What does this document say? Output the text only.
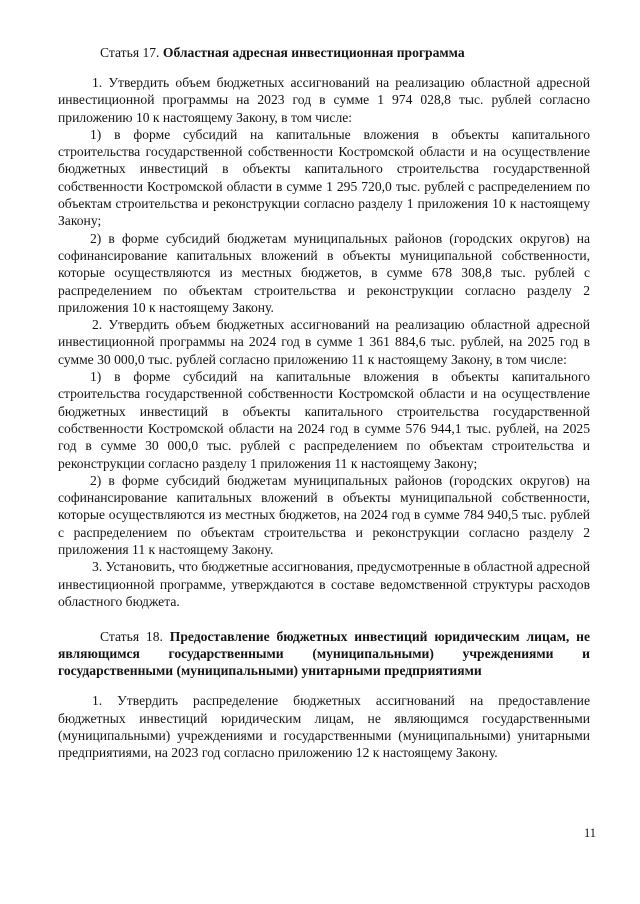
Статья 17. Областная адресная инвестиционная программа

1. Утвердить объем бюджетных ассигнований на реализацию областной адресной инвестиционной программы на 2023 год в сумме 1 974 028,8 тыс. рублей согласно приложению 10 к настоящему Закону, в том числе:

1) в форме субсидий на капитальные вложения в объекты капитального строительства государственной собственности Костромской области и на осуществление бюджетных инвестиций в объекты капитального строительства государственной собственности Костромской области в сумме 1 295 720,0 тыс. рублей с распределением по объектам строительства и реконструкции согласно разделу 1 приложения 10 к настоящему Закону;

2) в форме субсидий бюджетам муниципальных районов (городских округов) на софинансирование капитальных вложений в объекты муниципальной собственности, которые осуществляются из местных бюджетов, в сумме 678 308,8 тыс. рублей с распределением по объектам строительства и реконструкции согласно разделу 2 приложения 10 к настоящему Закону.

2. Утвердить объем бюджетных ассигнований на реализацию областной адресной инвестиционной программы на 2024 год в сумме 1 361 884,6 тыс. рублей, на 2025 год в сумме 30 000,0 тыс. рублей согласно приложению 11 к настоящему Закону, в том числе:

1) в форме субсидий на капитальные вложения в объекты капитального строительства государственной собственности Костромской области и на осуществление бюджетных инвестиций в объекты капитального строительства государственной собственности Костромской области на 2024 год в сумме 576 944,1 тыс. рублей, на 2025 год в сумме 30 000,0 тыс. рублей с распределением по объектам строительства и реконструкции согласно разделу 1 приложения 11 к настоящему Закону;

2) в форме субсидий бюджетам муниципальных районов (городских округов) на софинансирование капитальных вложений в объекты муниципальной собственности, которые осуществляются из местных бюджетов, на 2024 год в сумме 784 940,5 тыс. рублей с распределением по объектам строительства и реконструкции согласно разделу 2 приложения 11 к настоящему Закону.

3. Установить, что бюджетные ассигнования, предусмотренные в областной адресной инвестиционной программе, утверждаются в составе ведомственной структуры расходов областного бюджета.

Статья 18. Предоставление бюджетных инвестиций юридическим лицам, не являющимся государственными (муниципальными) учреждениями и государственными (муниципальными) унитарными предприятиями

1. Утвердить распределение бюджетных ассигнований на предоставление бюджетных инвестиций юридическим лицам, не являющимся государственными (муниципальными) учреждениями и государственными (муниципальными) унитарными предприятиями, на 2023 год согласно приложению 12 к настоящему Закону.

11
